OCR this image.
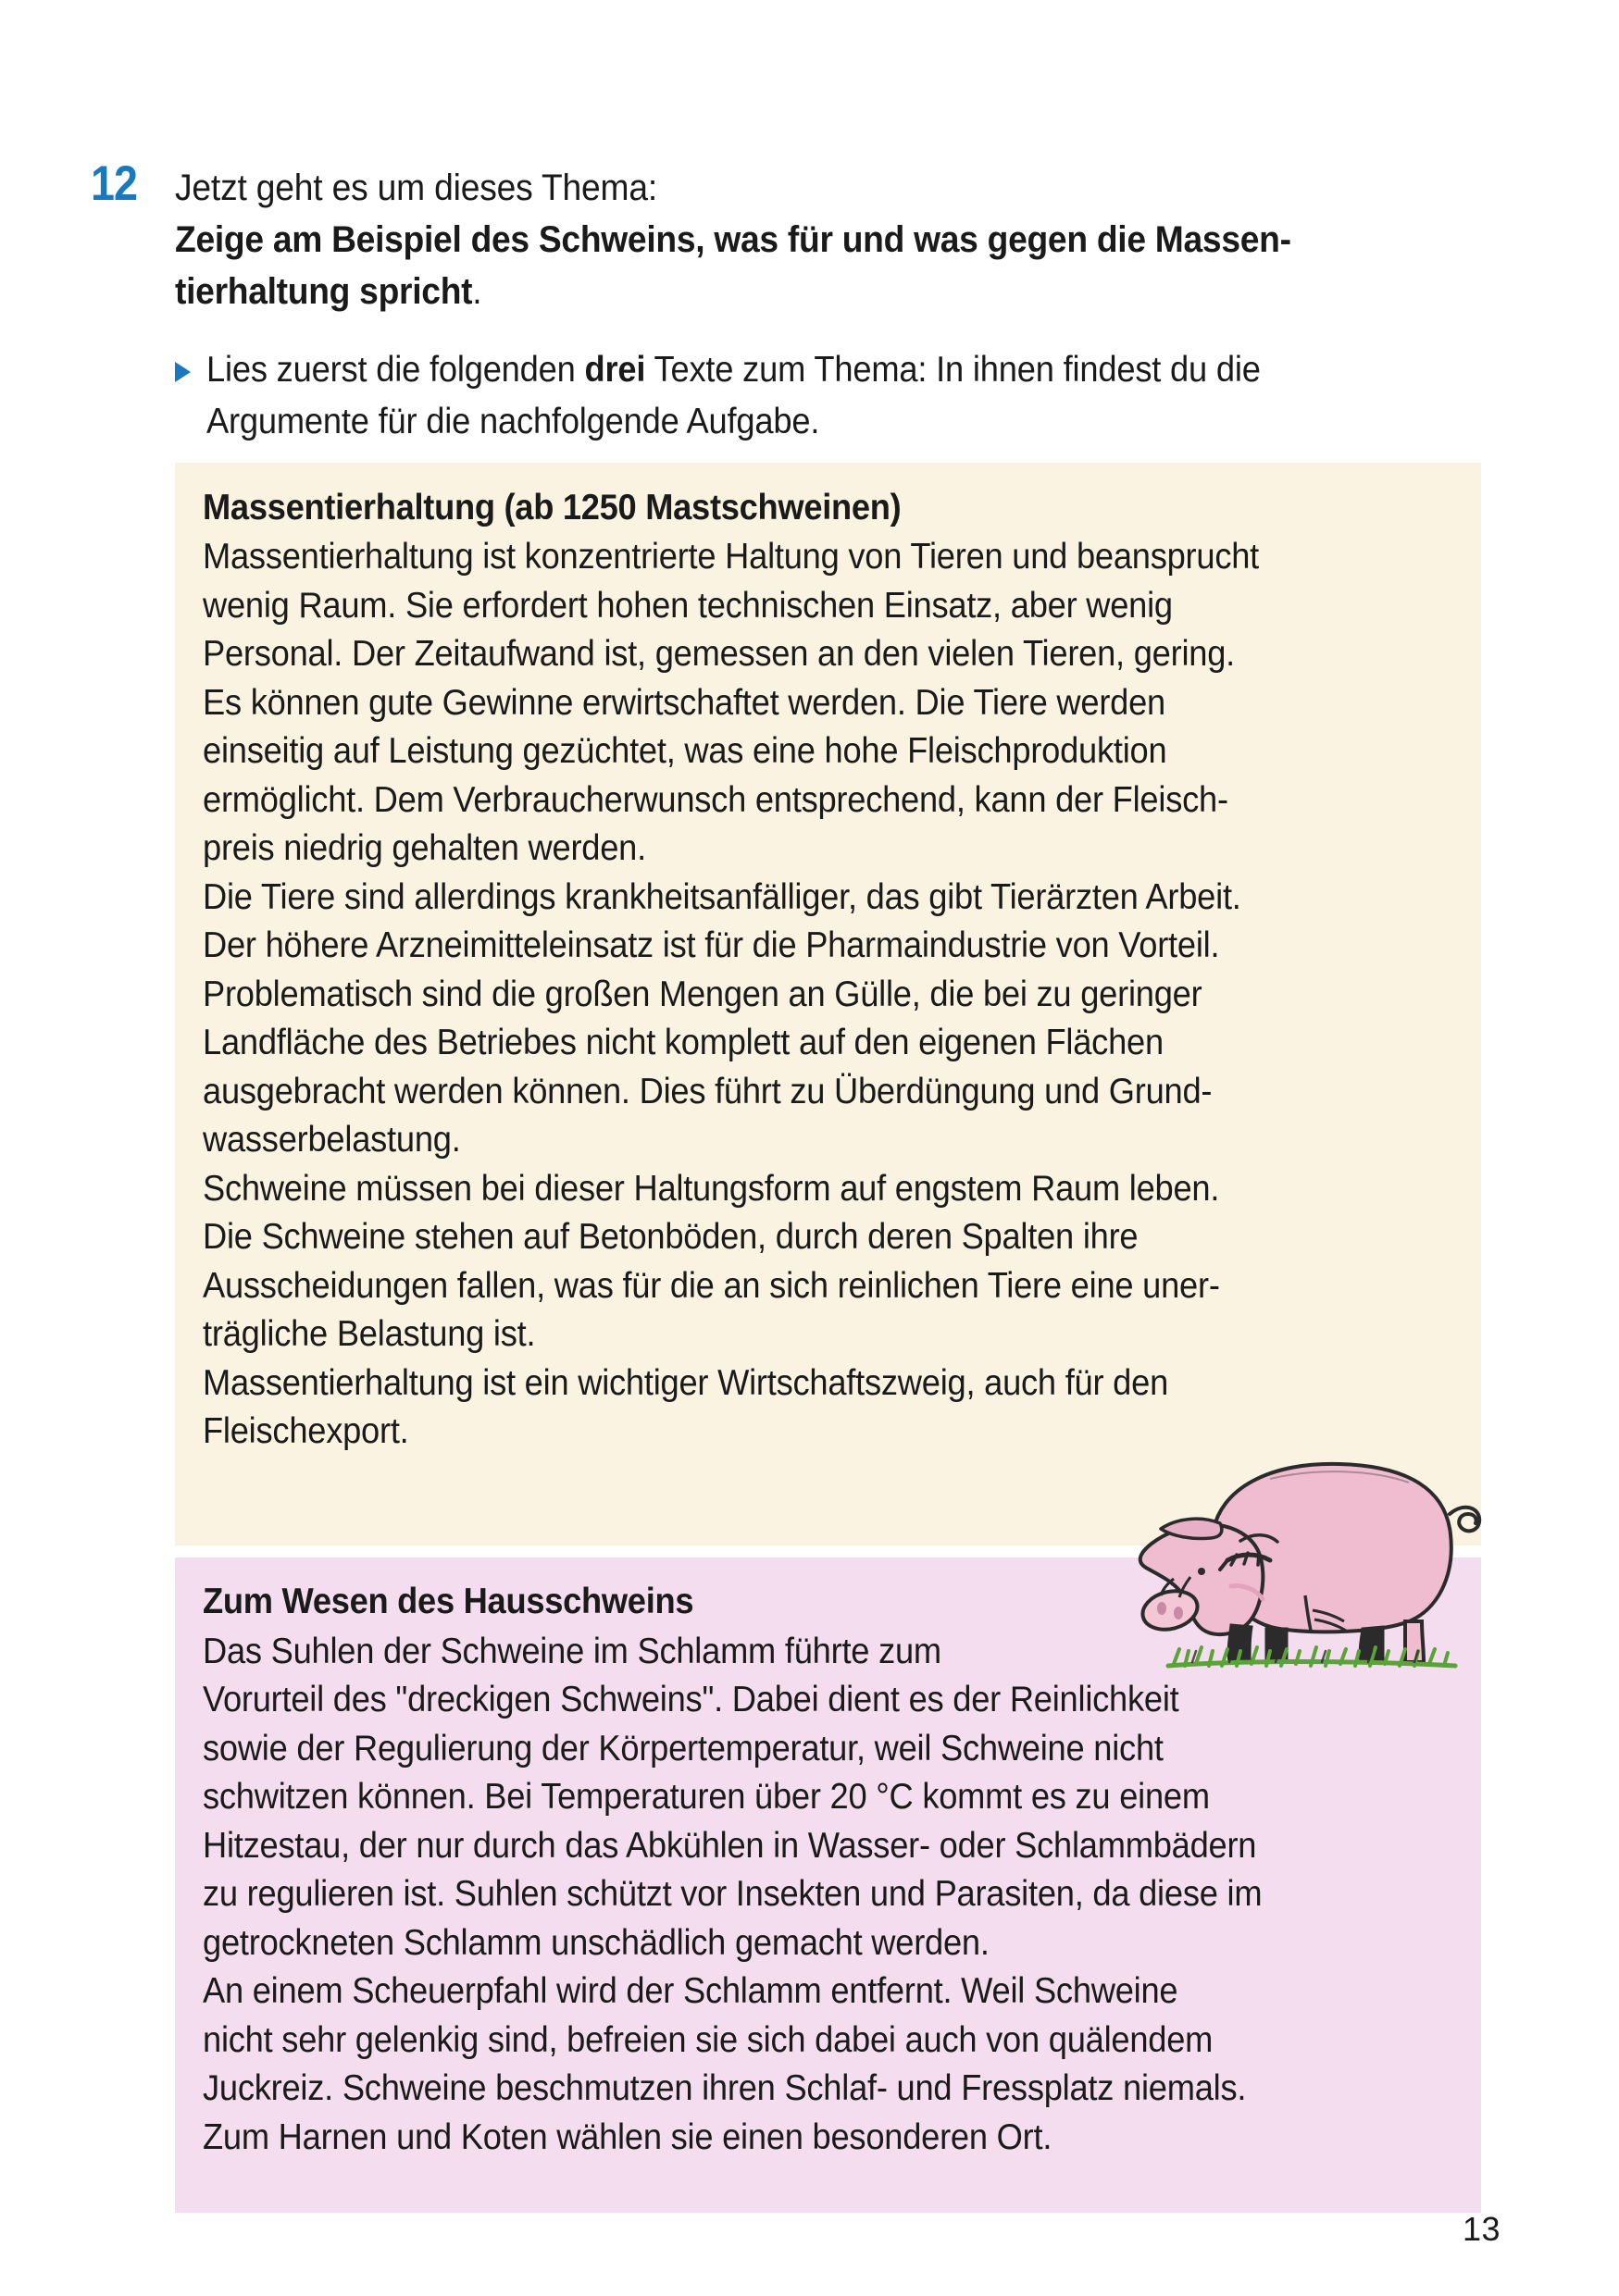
12 Jetzt geht es um dieses Thema:
Zeige am Beispiel des Schweins, was für und was gegen die Massen-
tierhaltung spricht.
Lies zuerst die folgenden drei Texte zum Thema: In ihnen findest du die
Argumente für die nachfolgende Aufgabe.
Massentierhaltung (ab 1250 Mastschweinen)
Massentierhaltung ist konzentrierte Haltung von Tieren und beansprucht
wenig Raum. Sie erfordert hohen technischen Einsatz, aber wenig
Personal. Der Zeitaufwand ist, gemessen an den vielen Tieren, gering.
Es können gute Gewinne erwirtschaftet werden. Die Tiere werden
einseitig auf Leistung gezüchtet, was eine hohe Fleischproduktion
ermöglicht. Dem Verbraucherwunsch entsprechend, kann der Fleisch-
preis niedrig gehalten werden.
Die Tiere sind allerdings krankheitsanfälliger, das gibt Tierärzten Arbeit.
Der höhere Arzneimitteleinsatz ist für die Pharmaindustrie von Vorteil.
Problematisch sind die großen Mengen an Gülle, die bei zu geringer
Landfläche des Betriebes nicht komplett auf den eigenen Flächen
ausgebracht werden können. Dies führt zu Überdüngung und Grund-
wasserbelastung.
Schweine müssen bei dieser Haltungsform auf engstem Raum leben.
Die Schweine stehen auf Betonböden, durch deren Spalten ihre
Ausscheidungen fallen, was für die an sich reinlichen Tiere eine uner-
trägliche Belastung ist.
Massentierhaltung ist ein wichtiger Wirtschaftszweig, auch für den
Fleischexport.
Zum Wesen des Hausschweins
Das Suhlen der Schweine im Schlamm führte zum
Vorurteil des "dreckigen Schweins". Dabei dient es der Reinlichkeit
sowie der Regulierung der Körpertemperatur, weil Schweine nicht
schwitzen können. Bei Temperaturen über 20 °C kommt es zu einem
Hitzestau, der nur durch das Abkühlen in Wasser- oder Schlammbädern
zu regulieren ist. Suhlen schützt vor Insekten und Parasiten, da diese im
getrockneten Schlamm unschädlich gemacht werden.
An einem Scheuerpfahl wird der Schlamm entfernt. Weil Schweine
nicht sehr gelenkig sind, befreien sie sich dabei auch von quälendem
Juckreiz. Schweine beschmutzen ihren Schlaf- und Fressplatz niemals.
Zum Harnen und Koten wählen sie einen besonderen Ort.
13
